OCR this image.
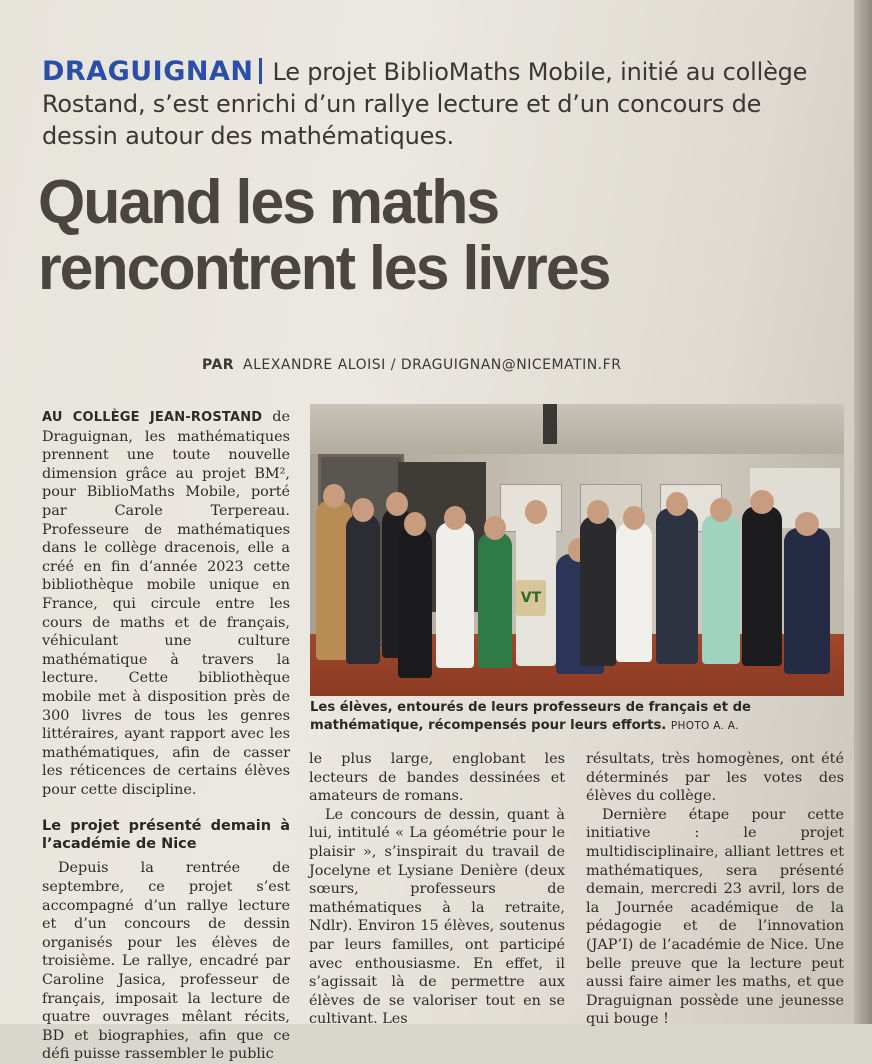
DRAGUIGNAN Le projet BiblioMaths Mobile, initié au collège Rostand, s’est enrichi d’un rallye lecture et d’un concours de dessin autour des mathématiques.
Quand les maths
rencontrent les livres
PAR ALEXANDRE ALOISI / DRAGUIGNAN@NICEMATIN.FR

AU COLLÈGE JEAN-ROSTAND de Draguignan, les mathématiques prennent une toute nouvelle dimension grâce au projet BM², pour BiblioMaths Mobile, porté par Carole Terpereau. Professeure de mathématiques dans le collège dracenois, elle a créé en fin d’année 2023 cette bibliothèque mobile unique en France, qui circule entre les cours de maths et de français, véhiculant une culture mathématique à travers la lecture. Cette bibliothèque mobile met à disposition près de 300 livres de tous les genres littéraires, ayant rapport avec les mathématiques, afin de casser les réticences de certains élèves pour cette discipline.

Le projet présenté demain à l’académie de Nice

Depuis la rentrée de septembre, ce projet s’est accompagné d’un rallye lecture et d’un concours de dessin organisés pour les élèves de troisième. Le rallye, encadré par Caroline Jasica, professeur de français, imposait la lecture de quatre ouvrages mêlant récits, BD et biographies, afin que ce défi puisse rassembler le public

le plus large, englobant les lecteurs de bandes dessinées et amateurs de romans.

Le concours de dessin, quant à lui, intitulé « La géométrie pour le plaisir », s’inspirait du travail de Jocelyne et Lysiane Denière (deux sœurs, professeurs de mathématiques à la retraite, Ndlr). Environ 15 élèves, soutenus par leurs familles, ont participé avec enthousiasme. En effet, il s’agissait là de permettre aux élèves de se valoriser tout en se cultivant. Les

résultats, très homogènes, ont été déterminés par les votes des élèves du collège.

Dernière étape pour cette initiative : le projet multidisciplinaire, alliant lettres et mathématiques, sera présenté demain, mercredi 23 avril, lors de la Journée académique de la pédagogie et de l’innovation (JAP’I) de l’académie de Nice. Une belle preuve que la lecture peut aussi faire aimer les maths, et que Draguignan possède une jeunesse qui bouge !

VT
Les élèves, entourés de leurs professeurs de français et de mathématique, récompensés pour leurs efforts. PHOTO A. A.
